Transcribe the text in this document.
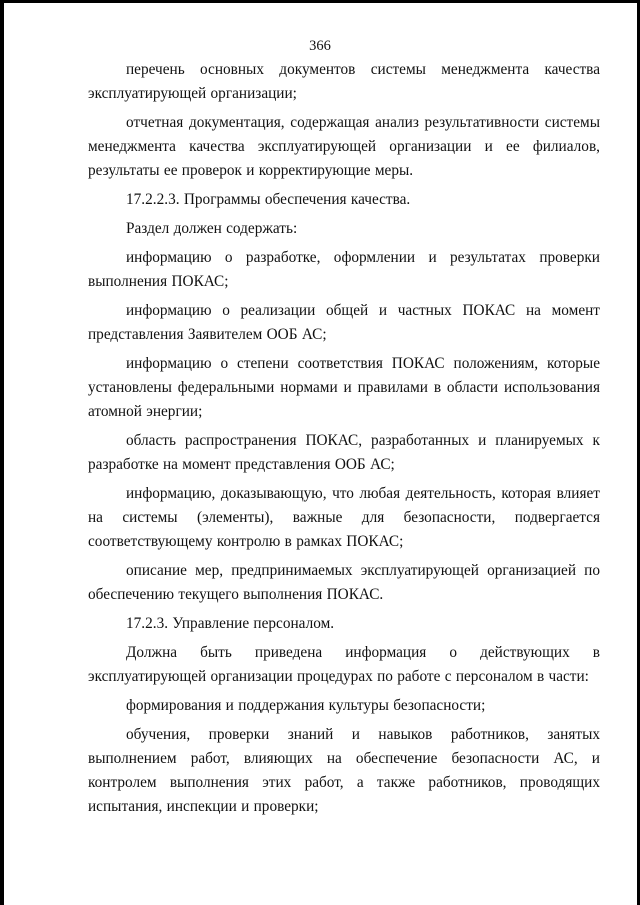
366

перечень основных документов системы менеджмента качества эксплуатирующей организации;

отчетная документация, содержащая анализ результативности системы менеджмента качества эксплуатирующей организации и ее филиалов, результаты ее проверок и корректирующие меры.

17.2.2.3. Программы обеспечения качества.

Раздел должен содержать:

информацию о разработке, оформлении и результатах проверки выполнения ПОКАС;

информацию о реализации общей и частных ПОКАС на момент представления Заявителем ООБ АС;

информацию о степени соответствия ПОКАС положениям, которые установлены федеральными нормами и правилами в области использования атомной энергии;

область распространения ПОКАС, разработанных и планируемых к разработке на момент представления ООБ АС;

информацию, доказывающую, что любая деятельность, которая влияет на системы (элементы), важные для безопасности, подвергается соответствующему контролю в рамках ПОКАС;

описание мер, предпринимаемых эксплуатирующей организацией по обеспечению текущего выполнения ПОКАС.

17.2.3. Управление персоналом.

Должна быть приведена информация о действующих в эксплуатирующей организации процедурах по работе с персоналом в части:

формирования и поддержания культуры безопасности;

обучения, проверки знаний и навыков работников, занятых выполнением работ, влияющих на обеспечение безопасности АС, и контролем выполнения этих работ, а также работников, проводящих испытания, инспекции и проверки;
